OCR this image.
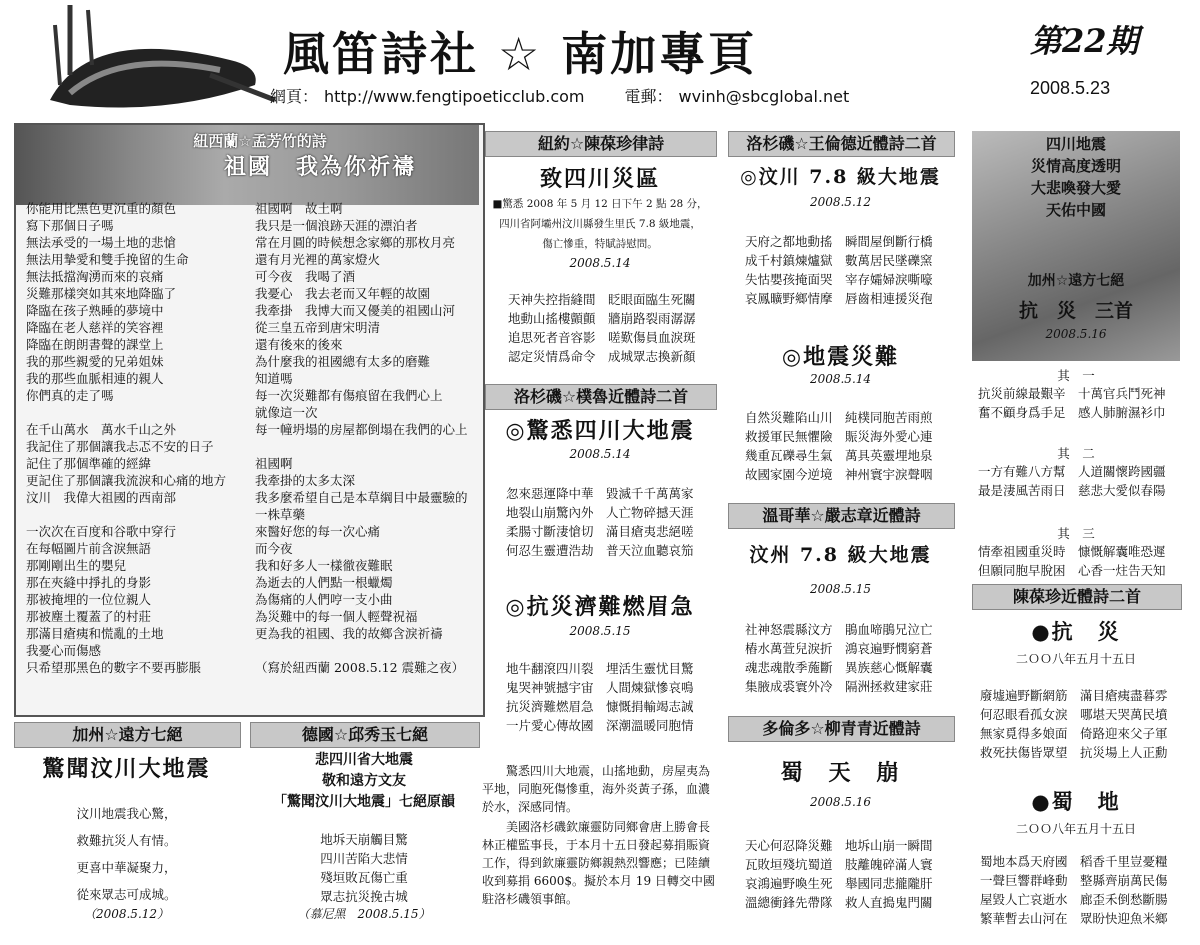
風笛詩社 ☆ 南加專頁	第22期
2008.5.23
網頁： http://www.fengtipoeticclub.com	電郵： wvinh@sbcglobal.net
紐西蘭☆孟芳竹的詩
祖國　我為你祈禱
你能用比黑色更沉重的顏色
寫下那個日子嗎
無法承受的一場土地的悲愴
無法用摯愛和雙手挽留的生命
無法抵擋洶湧而來的哀痛
災難那樣突如其來地降臨了
降臨在孩子熟睡的夢境中
降臨在老人慈祥的笑容裡
降臨在朗朗書聲的課堂上
我的那些親愛的兄弟姐妹
我的那些血脈相連的親人
你們真的走了嗎

在千山萬水　萬水千山之外
我記住了那個讓我忐忑不安的日子
記住了那個準確的經緯
更記住了那個讓我流淚和心痛的地方
汶川　我偉大祖國的西南部

一次次在百度和谷歌中穿行
在每幅圖片前含淚無語
那剛剛出生的嬰兒
那在夾縫中掙扎的身影
那被掩埋的一位位親人
那被塵土覆蓋了的村莊
那滿目瘡痍和慌亂的土地
我憂心而傷感
只希望那黑色的數字不要再膨脹
祖國啊　故土啊
我只是一個浪跡天涯的漂泊者
常在月圓的時候想念家鄉的那枚月亮
還有月光裡的萬家燈火
可今夜　我喝了酒
我憂心　我去老而又年輕的故園
我牽掛　我博大而又優美的祖國山河
從三皇五帝到唐宋明清
還有後來的後來
為什麼我的祖國總有太多的磨難
知道嗎
每一次災難都有傷痕留在我們心上
就像這一次
每一幢坍塌的房屋都倒塌在我們的心上

祖國啊
我牽掛的太多太深
我多麼希望自己是本草綱目中最靈驗的
一株草藥
來醫好您的每一次心痛
而今夜
我和好多人一樣徹夜難眠
為逝去的人們點一根蠟燭
為傷痛的人們哼一支小曲
為災難中的每一個人輕聲祝福
更為我的祖國、我的故鄉含淚祈禱

（寫於紐西蘭 2008.5.12 震難之夜）
加州☆遠方七絕
驚聞汶川大地震
汶川地震我心驚，
救難抗災人有情。
更喜中華凝聚力，
從來眾志可成城。
（2008.5.12）
德國☆邱秀玉七絕
悲四川省大地震
敬和遠方文友
「驚聞汶川大地震」七絕原韻
地坼天崩觸目驚
四川苦陷大悲情
殘垣敗瓦傷亡重
眾志抗災挽古城
（慕尼黑　2008.5.15）
紐約☆陳葆珍律詩
致四川災區
■驚悉 2008 年 5 月 12 日下午 2 點 28 分，
四川省阿壩州汶川縣發生里氏 7.8 級地震，
傷亡慘重，特賦詩慰問。
2008.5.14
天神失控指縫間　眨眼面臨生死關
地動山搖樓顫顫　牆崩路裂雨潺潺
追思死者音容影　嗟歎傷員血淚斑
認定災情爲命令　成城眾志換新顏
洛杉磯☆樸魯近體詩二首
◎驚悉四川大地震
2008.5.14
忽來惡運降中華　毀滅千千萬萬家
地裂山崩驚內外　人亡物碎撼天涯
柔腸寸斷淒愴切　滿目瘡夷悲絕嗟
何忍生靈遭浩劫　普天泣血聽哀笳
◎抗災濟難燃眉急
2008.5.15
地牛翻滾四川裂　埋活生靈忧目驚
鬼哭神號撼宇宙　人間煉獄慘哀鳴
抗災濟難燃眉急　慷慨捐輸竭志誠
一片愛心傳故國　深潮溫暖同胞情

驚悉四川大地震，山搖地動，房屋夷為平地，同胞死傷慘重，海外炎黃子孫，血濃於水，深感同情。

美國洛杉磯欽廉靈防同鄉會唐上勝會長林正權監事長，于本月十五日發起募捐賑資工作，得到欽廉靈防鄉親熱烈響應；已陸續收到募捐 6600$。擬於本月 19 日轉交中國駐洛杉磯領事館。

洛杉磯☆王倫德近體詩二首
◎汶川 7.8 級大地震
2008.5.12
天府之都地動搖　瞬間屋倒斷行橋
成千村鎮煉爐獄　數萬居民墜礫窯
失怙嬰孩掩面哭　宰存孀婦淚嘶嚎
哀鳳曠野鄉情摩　唇齒相連援災孢
◎地震災難
2008.5.14
自然災難陷山川　純樸同胞苦雨煎
救援軍民無懼險　賑災海外愛心連
幾重瓦礫尋生氣　萬具英靈埋地泉
故國家園今逆境　神州寰宇淚聲咽
溫哥華☆嚴志章近體詩
汶州 7.8 級大地震
2008.5.15
社神怒震縣汶方　鵑血啼鵑兄泣亡
樁水萬萱兒淚折　鴻哀遍野憫窮蒼
魂悲魂散季葹斷　異族慈心慨解囊
集腋成裘寰外冷　隔洲拯救建家莊
多倫多☆柳青青近體詩
蜀　天　崩
2008.5.16
天心何忍降災難　地坼山崩一瞬間
瓦敗垣殘坑蜀道　肢離魄碎滿人寰
哀鴻遍野喚生死　舉國同悲攏隴肝
溫總衝鋒先帶隊　救人直搗鬼門關
四川地震
災情高度透明
大悲喚發大愛
天佑中國
加州☆遠方七絕
抗　災　三首
2008.5.16
其　一
抗災前線最艱辛　十萬官兵鬥死神
奮不顧身爲手足　感人肺腑濕衫巾
其　二
一方有難八方幫　人道關懷跨國疆
最是淒風苦雨日　慈悲大愛似春陽
其　三
情牽祖國重災時　慷慨解囊唯恐遲
但願同胞早脫困　心香一炷告天知
陳葆珍近體詩二首
●抗　災
二ＯＯ八年五月十五日
廢墟遍野斷網筋　滿目瘡痍盡暮雰
何忍眼看孤女淚　哪堪天哭萬民墳
無家覓得多娘面　倚路迎來父子軍
救死扶傷皆眾望　抗災場上人正勳
●蜀　地
二ＯＯ八年五月十五日
蜀地本爲天府國　稻香千里豈憂糧
一聲巨響群峰動　整縣齊崩萬民傷
屋毀人亡哀逝水　廊歪禾倒愁斷腸
繁華暫去山河在　眾盼快迎魚米鄉
